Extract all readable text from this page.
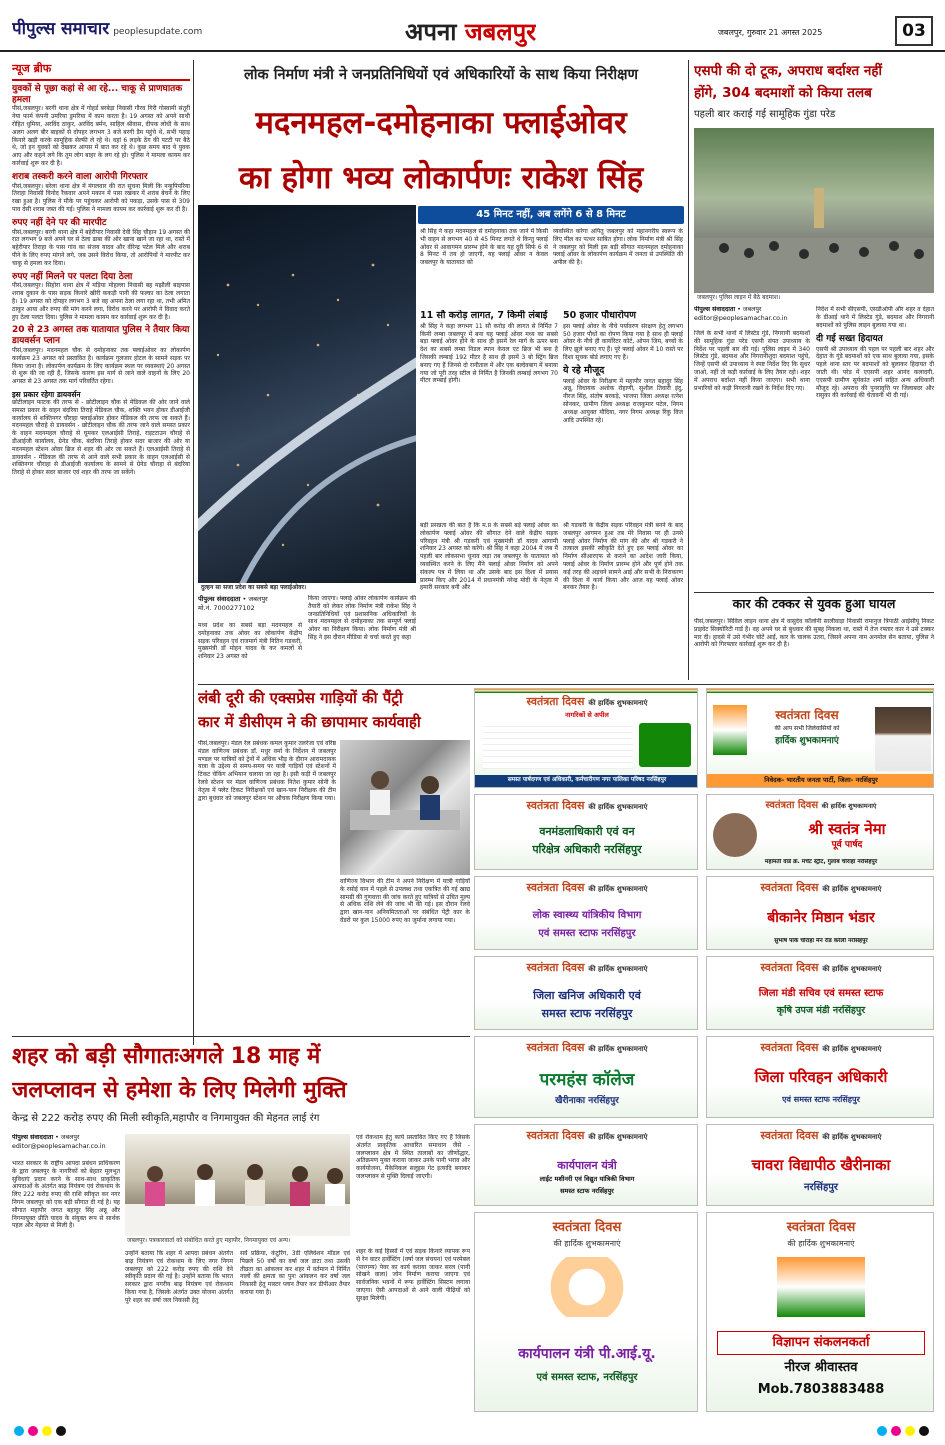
पीपुल्स समाचार peoplesupdate.com	अपना जबलपुर	जबलपुर, गुरुवार 21 अगस्त 2025	03
न्यूज ब्रीफ
युवकों से पूछा कहां से आ रहे... चाकू से प्राणघातक हमला
पीसं,जबलपुर। बरगी थाना क्षेत्र में गोहर्ड बरबेड़ा निवासी गौरव गिरी गोस्वामी संतूरी नेया फार्म कंपनी उमरिया डुमरिया में काम करता है। 19 अगस्त को अपने साथी रोहित धुमिया, अरविंद ठाकुर, अरविंद बर्मन, साहिल श्रीवास, दीपक लोधी के साथ अलग अलग बीर बाइकों से दोपहर लगभग 3 बजे बरगी डैम पहुंचे थे, सभी पहाड़ किनारे खड़ी करके सामूहिक सेल्फी ले रहे थे। वहां 6 लड़के ठेंग की पटटी पर बैठे थे, जो इन युवकों को देखकर आपस में बात कर रहे थे। कुछ समय बाद ये युवक आए और कहने लगे कि तुम लोग बाहर के लग रहे हो। पुलिस ने मामला कायम कर कार्रवाई शुरू कर दी है।
शराब तस्करी करने वाला आरोपी गिरफ्तार
पीसं,जबलपुर। बरेला थाना क्षेत्र में मंगलवार की रात सूचना मिली कि नन्हुपिपरिया तिराहा निवासी विनोद रैकवार अपने मकान में पास रखकर में शराब बेचने के लिए रखा हुआ है। पुलिस ने मौके पर पहुंचकर आरोपी को पकड़ा, उसके पास से 309 पाव देसी शराब जब्त की गई। पुलिस ने मामला कायम कर कार्रवाई शुरू कर दी है।
रुपए नहीं देने पर की मारपीट
पीसं,जबलपुर। बरगी थाना क्षेत्र में बहेरीपार निवासी देवी सिंह चौहान 19 अगस्त की रात लगभग 9 बजे अपने घर से ठेला ढाबा की ओर खाना खाने जा रहा था, रास्ते में बहेरीपार तिराहा के पास गांव का संजय यादव और वीरेन्द्र पटेल मिले और शराब पीने के लिए रुपए मांगने लगे, जब उसने विरोध किया, तो आरोपियों ने मारपीट कर चाकू से हमला कर दिया।
रुपए नहीं मिलने पर पलटा दिया ठेला
पीसं,जबलपुर। सिहोरा थाना क्षेत्र में मड़िया मोहल्ला निवासी बह मझौली बाइपास शराब दुकान के पास सड़क किनारे खीरी ककड़ी पानी की फल्का का ठेला लगाता है। 19 अगस्त को दोपहर लगभग 3 बजे वह अपना ठेला लगा रहा था, तभी अमित ठाकुर आया और रुपए की मांग करने लगा, विरोध करने पर आरोपी ने विवाद करते हुए ठेला पलटा दिया। पुलिस ने मामला कायम कर कार्रवाई शुरू कर दी है।
20 से 23 अगस्त तक यातायात पुलिस ने तैयार किया डायवर्सन प्लान
पीसं,जबलपुर। मदनमहल चौक से दमोहनाका तक फ्लाईओवर का लोकार्पण कार्यक्रम 23 अगस्त को प्रस्तावित है। कार्यक्रम गुलजार होटल के सामने सड़क पर किया जाना है। लोकार्पण कार्यक्रम के लिए कार्यक्रम स्थल पर व्यवस्थाएं 20 अगस्त से शुरू की जा रही हैं, जिसके कारण इस मार्ग से जाने वाले वाहनों के लिए 20 अगस्त से 23 अगस्त तक मार्ग परिवर्तित रहेगा।
इस प्रकार रहेगा डायवर्सन
छोटीलाइन फाटक की तरफ से - छोटीलाइन चौक से मेडिकल की ओर जाने वाले समस्त प्रकार के वाहन बंदरिया तिराहे मेडिकल चौक, शक्ति भवन होकर डीआईजी कार्यालय से शक्तिनगर चौराहा फ्लाईओवर होकर मेडिकल की तरफ जा सकते हैं। मदनमहल चौराहे से डायवर्सन - छोटीलाइन चौक की तरफ जाने वाले समस्त प्रकार के वाहन मदनमहल चौराहे से घूमकर एलआईसी तिराहे, राइटटाउन चौराहे से डीआईजी कार्यालय, ग्रेनेड चौक, बंदरिया तिराहे होकर सदर बाजार की ओर या मदनमहल स्टेशन ओवर ब्रिज से शहर की ओर जा सकते हैं। एलआईसी तिराहे से डायवर्सन - मेडिकल की तरफ से आने वाले सभी प्रकार के वाहन एलआईसी से शक्तिनगर चौराहा से डीआईजी कार्यालय के सामने से ग्रेनेड चौराहा से बंदरिया तिराहे से होकर सदर बाजार एवं शहर की तरफ जा सकेंगे।
लोक निर्माण मंत्री ने जनप्रतिनिधियों एवं अधिकारियों के साथ किया निरीक्षण
मदनमहल-दमोहनाका फ्लाईओवर
का होगा भव्य लोकार्पणः राकेश सिंह
दुल्हन सा सजा प्रदेश का सबसे बड़ा फ्लाईओवर।
45 मिनट नहीं, अब लगेंगे 6 से 8 मिनट
श्री सिंह ने कहा मदनमहल से दमोहनाका तक जाने में किसी भी वाहन से लगभग 40 से 45 मिनट लगते थे किन्तु फ्लाई ओवर से आवागमन प्रारम्भ होने के बाद यह दूरी सिर्फ 6 से 8 मिनट में तय हो जाएगी, यह फ्लाई ओवर न केवल जबलपुर के यातायात को
व्यवस्थित करेगा अपितु जबलपुर को महानगरीय स्वरूप के लिए मील का पत्थर साबित होगा। लोक निर्माण मंत्री श्री सिंह ने जबलपुर को मिली इस बड़ी सौगात मदनमहल दमोहनाका फ्लाई ओवर के लोकार्पण कार्यक्रम में जनता से उपस्थिति की अपील की है।
11 सौ करोड़ लागत, 7 किमी लंबाई
श्री सिंह ने कहा लगभग 11 सौ करोड़ की लागत से निर्मित 7 किमी लम्बा जबलपुर में बना यह फ्लाई ओवर मध्य का सबसे बड़ा फ्लाई ओवर होने के साथ ही इसमें रेल मार्ग के ऊपर बना देश का सबसे लम्बा निडल स्पान केवल एट ब्रिज भी बना है जिसकी लम्बाई 192 मीटर है साथ ही इसमें 3 बो स्ट्रिंग ब्रिज बनाए गए हैं जिनसे दो रानीताल में और एक बल्देवबाग में बनाया गया जो पूरी तरह स्टील से निर्मित है जिनकी लम्बाई लगभग 70 मीटर लम्बाई होगी।
50 हजार पौधारोपण
इस फ्लाई ओवर के नीचे पर्यावरण संरक्षण हेतु लगभग 50 हजार पौधों का रोपण किया गया है साथ ही फ्लाई ओवर के नीचे ही कार्योरेटर कोर्ट, ओपन जिम, बच्चों के लिए झूले बनाए गए हैं। पूरे फ्लाई ओवर में 10 रास्ते पर दिशा सूचक बोर्ड लगाए गए हैं।
ये रहे मौजूद
फ्लाई ओवर के निरीक्षण में महापौर जगत बहादुर सिंह अन्नू, विधायक अशोक रोहाणी, सुशील तिवारी इंदु, नीरज सिंह, संतोष बरकड़े, भाजपा जिला अध्यक्ष रत्नेश सोनकर, ग्रामीण जिला अध्यक्ष राजकुमार पटेल, निगम अध्यक्ष आयुक्त मौदिया, नगर निगम अध्यक्ष रिंकु विज आदि उपस्थित रहे।
पीपुल्स संवाददाता • जबलपुर
मो.नं. 7000277102
मध्य प्रदेश का सबसे बड़ा मदनमहल से दमोहनाका तक ओवर का लोकार्पण केंद्रीय सड़क परिवहन एवं राजमार्ग मंत्री नितिन गडकरी, मुख्यमंत्री डॉ मोहन यादव के कर कमलों से शनिवार 23 अगस्त को
किया जाएगा। फ्लाई ओवर लोकार्पण कार्यक्रम की तैयारी को लेकर लोक निर्माण मंत्री राकेश सिंह ने जनप्रतिनिधियों एवं प्रशासनिक अधिकारियों के साथ मदनमहल से दमोहनाका तक सम्पूर्ण फ्लाई ओवर का निरीक्षण किया। लोक निर्माण मंत्री श्री सिंह ने इस दौरान मीडिया से चर्चा करते हुए कहा
बड़ी प्रसन्नता की बात है कि म.प्र के सबसे बड़े फ्लाई ओवर का लोकार्पण फ्लाई ओवर की सौगात देने वाले केंद्रीय सड़क परिवहन मंत्री श्री गडकरी एवं मुख्यमंत्री डॉ यादव आगामी शनिवार 23 अगस्त को करेंगे। श्री सिंह ने कहा 2004 में जब मैं पहली बार लोकसभा चुनाव लड़ा तब जबलपुर के यातायात को व्यवस्थित करने के लिए मैंने फ्लाई ओवर निर्माण को अपने संकल्प पत्र में लिया था और उसके बाद इस दिशा में प्रयास प्रारम्भ किए और 2014 में प्रधानमंत्री नरेन्द्र मोदी के नेतृत्व में हमारी सरकार बनी और
श्री गडकरी के केंद्रीय सड़क परिवहन मंत्री बनने के बाद जबलपुर आगमन हुआ तब मेरे निवास पर ही उनसे फ्लाई ओवर निर्माण की मांग की और श्री गडकरी ने तत्काल इसकी स्वीकृति देते हुए इस फ्लाई ओवर का निर्माण सीआरएफ से कराने का आदेश जारी किया, फ्लाई ओवर के निर्माण प्रारम्भ होने और पूर्ण होने तक कई तरह की अड़चने सामने आई और सभी के निराकरण की दिशा में कार्य किया और आज यह फ्लाई ओवर बनकर तैयार है।
एसपी की दो टूक, अपराध बर्दाश्त नहीं
होंगे, 304 बदमाशों को किया तलब
पहली बार कराई गई सामूहिक गुंडा परेड
जबलपुर। पुलिस लाइन में बैठे बदमाश।
पीपुल्स संवाददाता • जबलपुर
editor@peoplesamachar.co.in
जिले के सभी थानों में लिस्टेड गुंडे, निगरानी बदमाशों की सामूहिक गुंडा परेड एसपी संपत उपाध्याय के निर्देश पर पहली बार की गई। पुलिस लाइन में 340 लिस्टेड गुंडे, बदमाश और निगरानीशुदा बदमाश पहुंचे, जिन्हें एसपी श्री उपाध्याय ने स्पष्ट निर्देश दिए कि सुधर जाओ, नहीं तो कड़ी कार्रवाई के लिए तैयार रहो। शहर में अपराध बर्दाश्त नहीं किया जाएगा। सभी थाना प्रभारियों को कड़ी निगरानी रखने के निर्देश दिए गए।
निर्देश में सभी सीएसपी, एसडीओपी और शहर व देहात के डीआई थाने में लिस्टेड गुंडे, बदमाश और निगरानी बदमाशों को पुलिस लाइन बुलाया गया था।
दी गई सख्त हिदायत
एसपी श्री उपाध्याय की पहल पर पहली बार शहर और देहात के गुंडे बदमाशों को एक साथ बुलाया गया, इसके पहले थाना स्तर पर बदमाशों को बुलाकर हिदायत दी जाती थी। परेड में एएसपी शहर आनंद कलादगी, एएसपी ग्रामीण सूर्यकांत शर्मा सहित अन्य अधिकारी मौजूद रहे। अपराध की पुनरावृत्ति पर जिलाबदर और रासुका की कार्रवाई की चेतावनी भी दी गई।
कार की टक्कर से युवक हुआ घायल
पीसं,जबलपुर। सिविल लाइन थाना क्षेत्र में वासुदेव कॉलोनी सालीवाड़ा निवासी रामानुज त्रिपाठी आईसीयू निकट प्राइवेट सिक्योरिटी गार्ड है। वह अपने घर से बुधवार की सुबह निकला था, रास्ते में तेज रफ्तार कार ने उसे टक्कर मार दी। हादसे में उसे गंभीर चोटें आईं, कार के चालक उतरा, जिसने अपना नाम अनमोल सेन बताया, पुलिस ने आरोपी को गिरफ्तार कार्रवाई शुरू कर दी है।
लंबी दूरी की एक्सप्रेस गाड़ियों की पैंट्री
कार में डीसीएम ने की छापामार कार्यवाही
पीसं,जबलपुर। मंडल रेल प्रबंधक कमल कुमार तलरेजा एवं वरिष्ठ मंडल वाणिज्य प्रबंधक डॉ. मधुर वर्मा के निर्देशन में जबलपुर मण्डल पर यात्रियों को ट्रेनों में अधिक भीड़ के दौरान आरामदायक यात्रा के उद्देश्य से समय-समय पर यात्री गाड़ियों एवं स्टेशनों में टिकट चेकिंग अभियान चलाया जा रहा है। इसी कड़ी में जबलपुर रेलवे स्टेशन पर मंडल वाणिज्य प्रबंधक नितेश कुमार सोनी के नेतृत्व में फ्लेट टिकट निरीक्षकों एवं खान-पान निरीक्षक की टीम द्वारा बुधवार को जबलपुर स्टेशन पर औचक निरीक्षण किया गया।
वाणिज्य विभाग की टीम ने अपने निरीक्षण में यात्री गाड़ियों के रसोई यान में पहले से उपलब्ध तथा एकत्रित की गई खाद्य सामग्री की गुणवत्ता की जांच करते हुए यात्रियों से उचित मूल्य से अधिक राशि लेने की जांच भी की गई। इस दौरान रेलवे द्वारा खान-पान अनियमितताओं पर संबंधित पेंट्री कार के वेंडरों पर कुल 15000 रुपए का जुर्माना लगाया गया।
स्वतंत्रता दिवस की हार्दिक शुभकामनाएं
नागरिकों से अपील
समस्त पार्षदगण एवं अधिकारी, कर्मचारीगण नगर पालिका परिषद नरसिंहपुर
स्वतंत्रता दिवस
की आप सभी जिलेवासियों को
हार्दिक शुभकामनाएं
निवेदक- भारतीय जनता पार्टी, जिला- नरसिंहपुर
स्वतंत्रता दिवस की हार्दिक शुभकामनाएं
वनमंडलाधिकारी एवं वन
परिक्षेत्र अधिकारी नरसिंहपुर
स्वतंत्रता दिवस की हार्दिक शुभकामनाएं
श्री स्वतंत्र नेमा
पूर्व पार्षद
महामती वार्ड क्र. मर्चेंट स्ट्रीट, गुलाब चौराहा नरसिंहपुर
स्वतंत्रता दिवस की हार्दिक शुभकामनाएं
लोक स्वास्थ्य यांत्रिकीय विभाग
एवं समस्त स्टाफ नरसिंहपुर
स्वतंत्रता दिवस की हार्दिक शुभकामनाएं
बीकानेर मिष्ठान भंडार
सुभाष पार्क चौराहा मेन रोड करेली नरसिंहपुर
स्वतंत्रता दिवस की हार्दिक शुभकामनाएं
जिला खनिज अधिकारी एवं
समस्त स्टाफ नरसिंहपुर
स्वतंत्रता दिवस की हार्दिक शुभकामनाएं
जिला मंडी सचिव एवं समस्त स्टाफ
कृषि उपज मंडी नरसिंहपुर
शहर को बड़ी सौगातःअगले 18 माह में
जलप्लावन से हमेशा के लिए मिलेगी मुक्ति
केन्द्र से 222 करोड़ रुपए की मिली स्वीकृति,महापौर व निगमायुक्त की मेहनत लाई रंग
पीपुल्स संवाददाता • जबलपुर
editor@peoplesamachar.co.in
भारत सरकार के राष्ट्रीय आपदा प्रबंधन प्राधिकरण के द्वारा जबलपुर के नागरिकों को बेहतर मूलभूत सुविधाएं प्रदान करने के साथ-साथ प्राकृतिक आपदाओं के अंतर्गत बाढ़ नियंत्रण एवं रोकथाम के लिए 222 करोड़ रुपए की राशि स्वीकृत कर नगर निगम जबलपुर को एक बड़ी सौगात दी गई है। यह सौगात महापौर जगत बहादुर सिंह अन्नू और निगमायुक्त प्रीति यादव के संयुक्त रूप से सार्थक पहल और मेहनत से मिली है।
जबलपुर। पत्रकारवार्ता को संबोधित करते हुए महापौर, निगमायुक्त एवं अन्य।
उन्होंने बताया कि शहर में आपदा प्रबंधन अंतर्गत बाढ़ नियंत्रण एवं रोकथाम के लिए नगर निगम जबलपुर को 222 करोड़ रुपए की राशि देने स्वीकृति प्रदान की गई है। उन्होंने बताया कि भारत सरकार द्वारा नगरीय बाढ़ नियंत्रण एवं रोकथाम किया गया है, जिसके अंतर्गत उक्त योजना अंतर्गत पूरे शहर का वर्षा जल निकासी हेतु
सर्वे प्रक्रिया, कंटूरिंग, 3डी एलिवेशन मॉडल एवं पिछले 50 वर्षों का वर्षा जल डाटा तथा उसकी तीव्रता का आंकलन कर शहर में वर्तमान में निर्मित नालों की क्षमता का पुनः आंकलन कर वर्षा जल निकासी हेतु मास्टर प्लान तैयार कर डीपीआर तैयार कराया गया है।
एवं रोकथाम हेतु कार्य प्रस्तावित किए गए हैं जिसके अंतर्गत प्राकृतिक आधारित समाधान जैसे - जलप्लावन क्षेत्र में स्थित तालाबों का जीर्णोद्धार, अतिक्रमण मुक्त कराया जाकर उनके पानी भराव और कार्ययोजना, मैकेनिकल सलूइस गेट इत्यादि बनाकर जलप्लावन से मुक्ति दिलाई जाएगी।
शहर के कई हिस्सों में एवं सड़क किनारे व्यापक रूप से रेन वाटर हार्वेस्टिंग (वर्षा जल संचयन) एवं परमेबल (पारगम्य) पेवर का कार्य कराया जाकर सरल (पानी सोखने वाला) जोन निर्माण कराया जाएगा एवं सार्वजनिक भवनों में रूफ हार्वेस्टिंग सिस्टम लगाया जाएगा। ऐसी आपदाओं से आने वाली पीढ़ियों को सुरक्षा मिलेगी।
स्वतंत्रता दिवस की हार्दिक शुभकामनाएं
परमहंस कॉलेज
खैरीनाका नरसिंहपुर
स्वतंत्रता दिवस की हार्दिक शुभकामनाएं
जिला परिवहन अधिकारी
एवं समस्त स्टाफ नरसिंहपुर
स्वतंत्रता दिवस की हार्दिक शुभकामनाएं
कार्यपालन यंत्री
लाईट मशीनरी एवं विद्युत यांत्रिकी विभाग
समस्त स्टाफ नरसिंहपुर
स्वतंत्रता दिवस की हार्दिक शुभकामनाएं
चावरा विद्यापीठ खैरीनाका
नरसिंहपुर
स्वतंत्रता दिवस
की हार्दिक शुभकामनाएं
कार्यपालन यंत्री पी.आई.यू.
एवं समस्त स्टाफ, नरसिंहपुर
स्वतंत्रता दिवस
की हार्दिक शुभकामनाएं
विज्ञापन संकलनकर्ता
नीरज श्रीवास्तव
Mob.7803883488
